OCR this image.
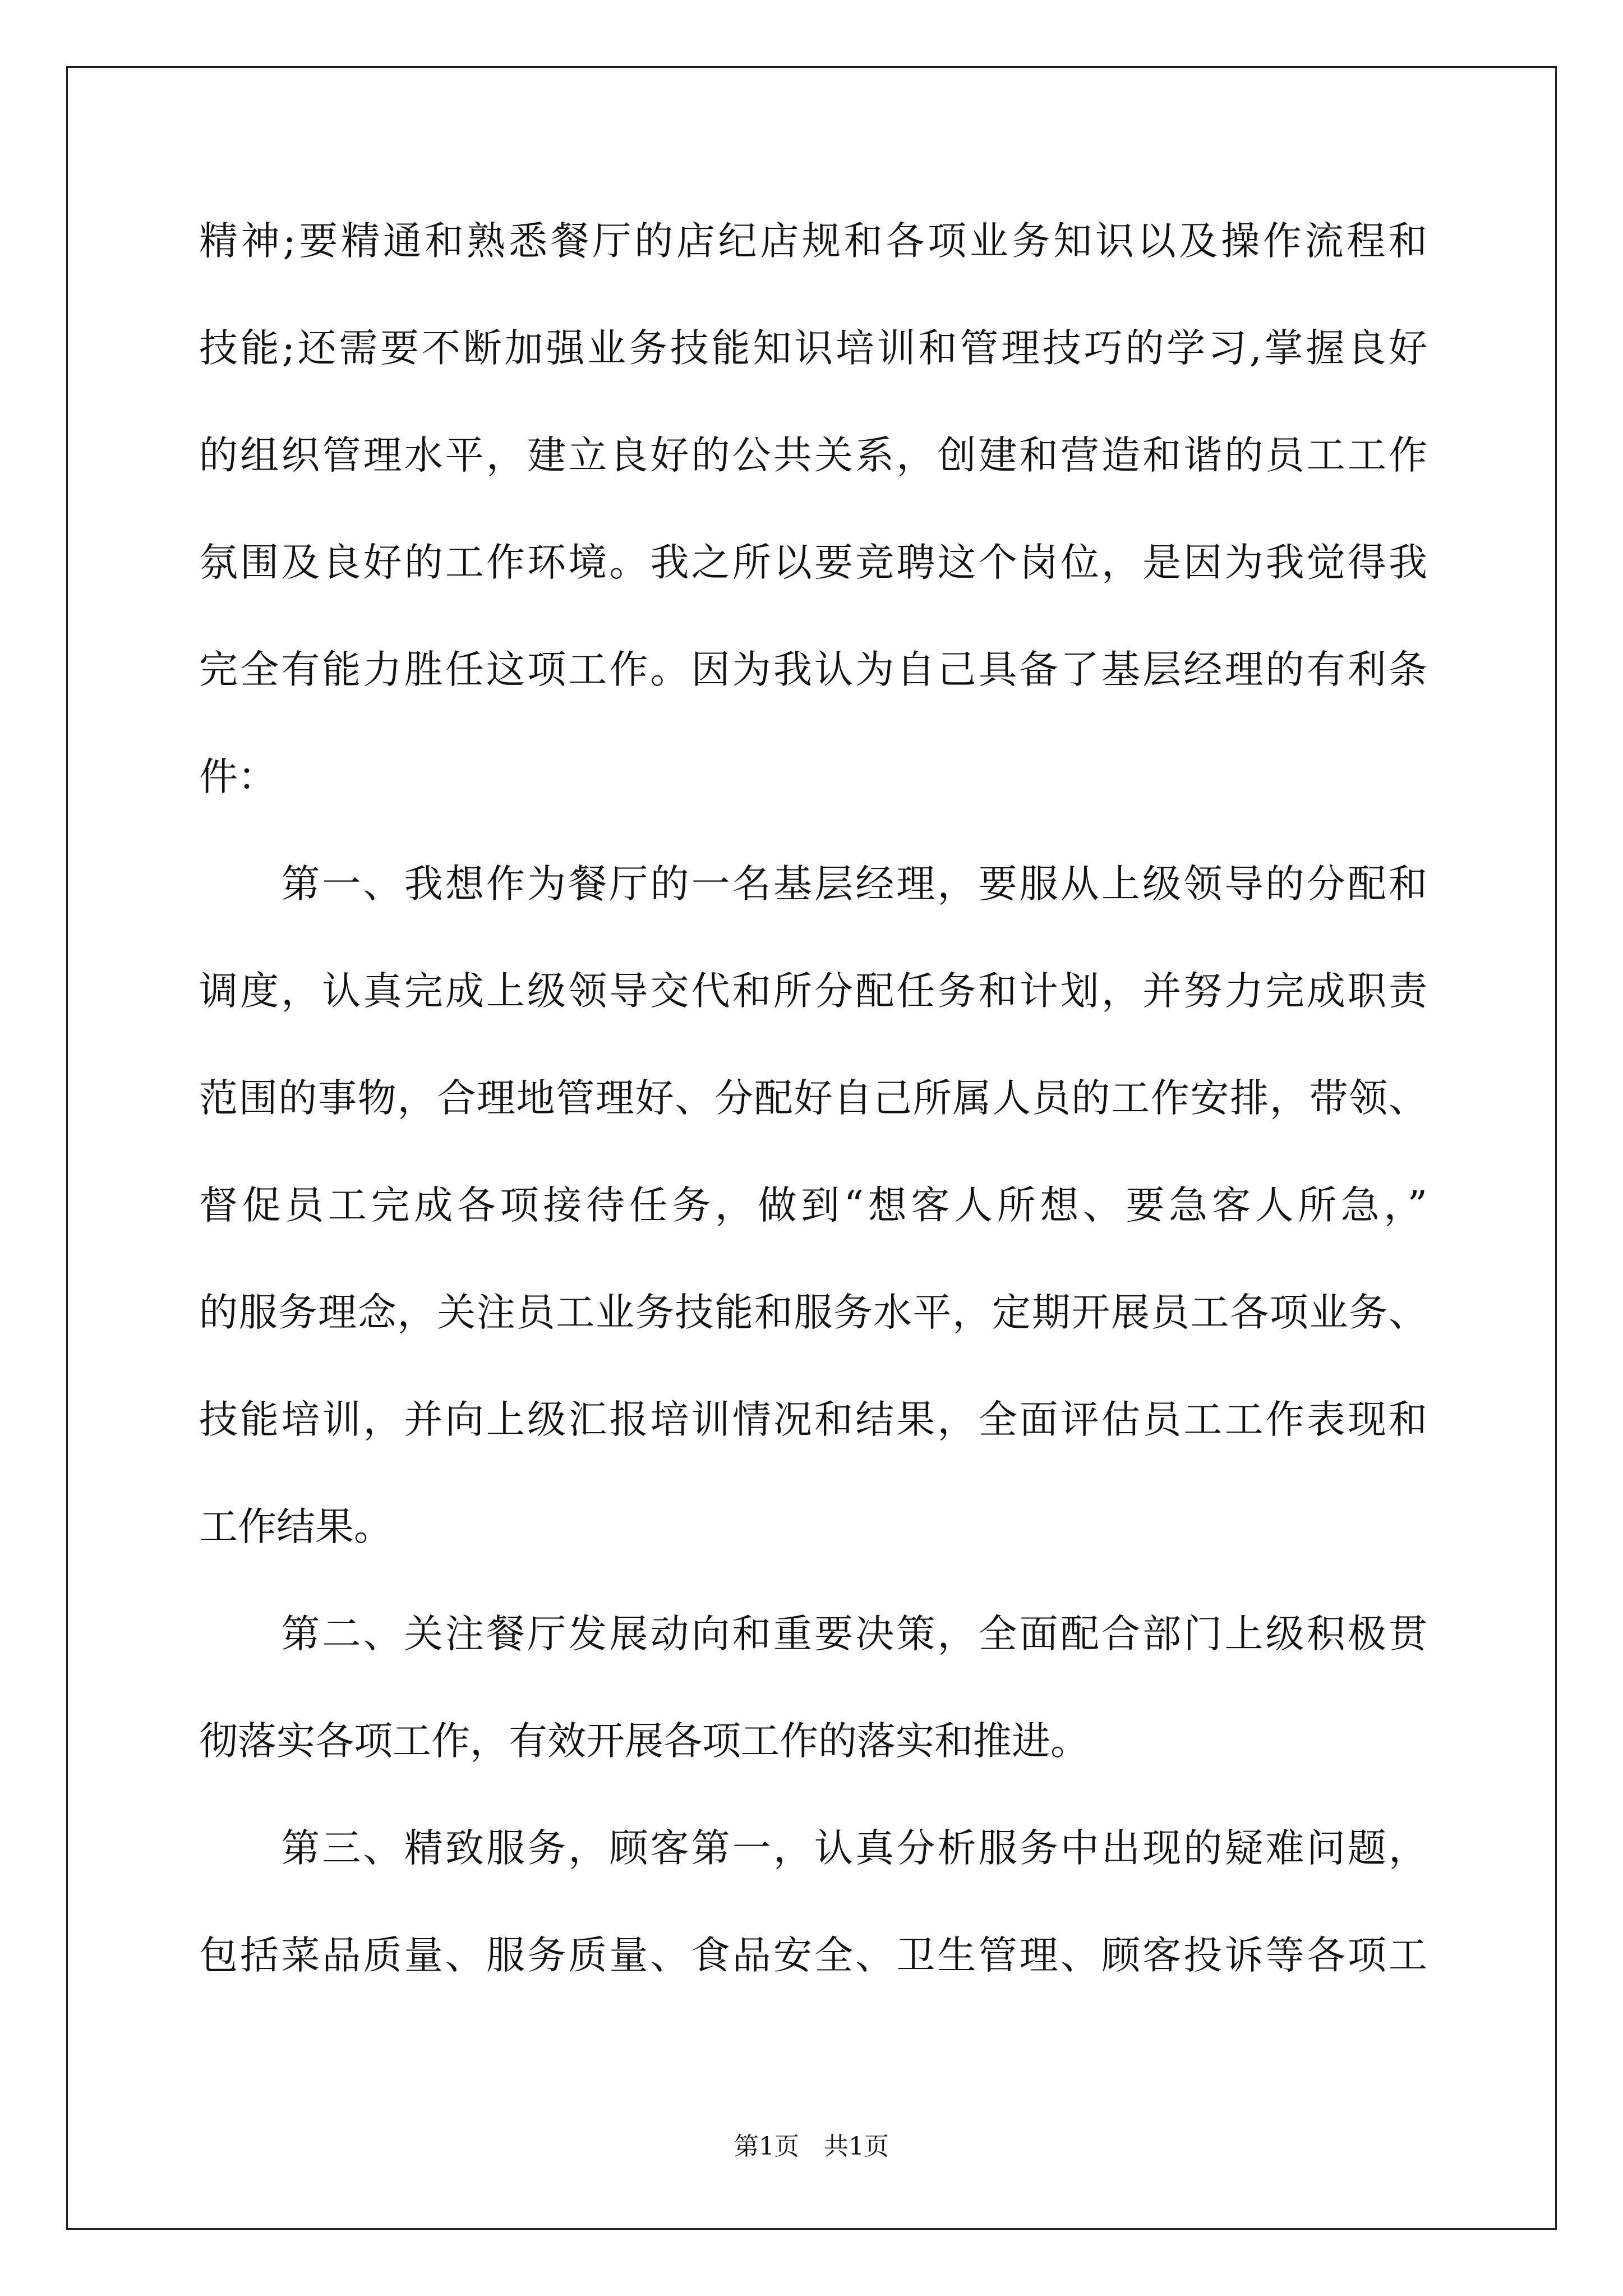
精神;要精通和熟悉餐厅的店纪店规和各项业务知识以及操作流程和
技能;还需要不断加强业务技能知识培训和管理技巧的学习,掌握良好
的组织管理水平，建立良好的公共关系，创建和营造和谐的员工工作
氛围及良好的工作环境。我之所以要竞聘这个岗位，是因为我觉得我
完全有能力胜任这项工作。因为我认为自己具备了基层经理的有利条
件：
　　第一、我想作为餐厅的一名基层经理，要服从上级领导的分配和
调度，认真完成上级领导交代和所分配任务和计划，并努力完成职责
范围的事物，合理地管理好、分配好自己所属人员的工作安排，带领、
督促员工完成各项接待任务，做到“想客人所想、要急客人所急，”
的服务理念，关注员工业务技能和服务水平，定期开展员工各项业务、
技能培训，并向上级汇报培训情况和结果，全面评估员工工作表现和
工作结果。
　　第二、关注餐厅发展动向和重要决策，全面配合部门上级积极贯
彻落实各项工作，有效开展各项工作的落实和推进。
　　第三、精致服务，顾客第一，认真分析服务中出现的疑难问题，
包括菜品质量、服务质量、食品安全、卫生管理、顾客投诉等各项工
第1页　共1页
